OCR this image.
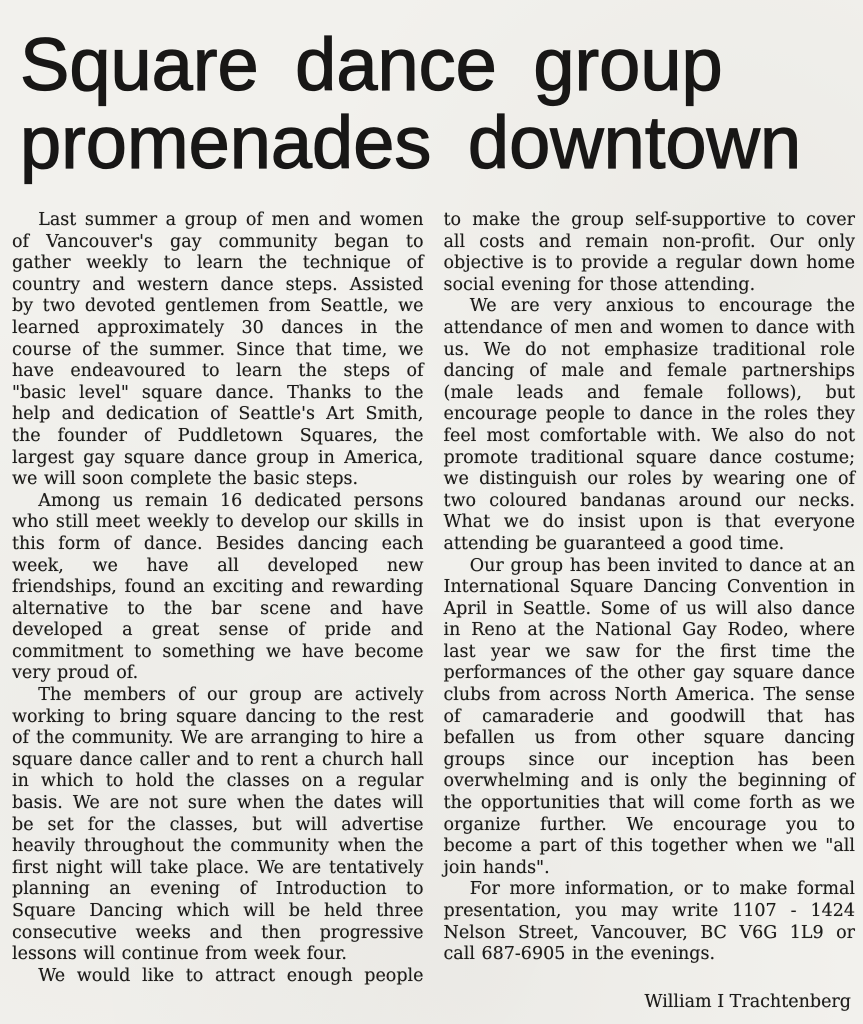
Square dance group
promenades downtown

Last summer a group of men and women of Vancouver's gay community began to gather weekly to learn the technique of country and western dance steps. Assisted by two devoted gentlemen from Seattle, we learned approximately 30 dances in the course of the summer. Since that time, we have endeavoured to learn the steps of "basic level" square dance. Thanks to the help and dedication of Seattle's Art Smith, the founder of Puddletown Squares, the largest gay square dance group in America, we will soon complete the basic steps.

Among us remain 16 dedicated persons who still meet weekly to develop our skills in this form of dance. Besides dancing each week, we have all developed new friendships, found an exciting and rewarding alternative to the bar scene and have developed a great sense of pride and commitment to something we have become very proud of.

The members of our group are actively working to bring square dancing to the rest of the community. We are arranging to hire a square dance caller and to rent a church hall in which to hold the classes on a regular basis. We are not sure when the dates will be set for the classes, but will advertise heavily throughout the community when the first night will take place. We are tentatively planning an evening of Introduction to Square Dancing which will be held three consecutive weeks and then progressive lessons will continue from week four.

We would like to attract enough people

to make the group self-supportive to cover all costs and remain non-profit. Our only objective is to provide a regular down home social evening for those attending.

We are very anxious to encourage the attendance of men and women to dance with us. We do not emphasize traditional role dancing of male and female partnerships (male leads and female follows), but encourage people to dance in the roles they feel most comfortable with. We also do not promote traditional square dance costume; we distinguish our roles by wearing one of two coloured bandanas around our necks. What we do insist upon is that everyone attending be guaranteed a good time.

Our group has been invited to dance at an International Square Dancing Convention in April in Seattle. Some of us will also dance in Reno at the National Gay Rodeo, where last year we saw for the first time the performances of the other gay square dance clubs from across North America. The sense of camaraderie and goodwill that has befallen us from other square dancing groups since our inception has been overwhelming and is only the beginning of the opportunities that will come forth as we organize further. We encourage you to become a part of this together when we "all join hands".

For more information, or to make formal presentation, you may write 1107 - 1424 Nelson Street, Vancouver, BC V6G 1L9 or call 687-6905 in the evenings.

William I Trachtenberg
